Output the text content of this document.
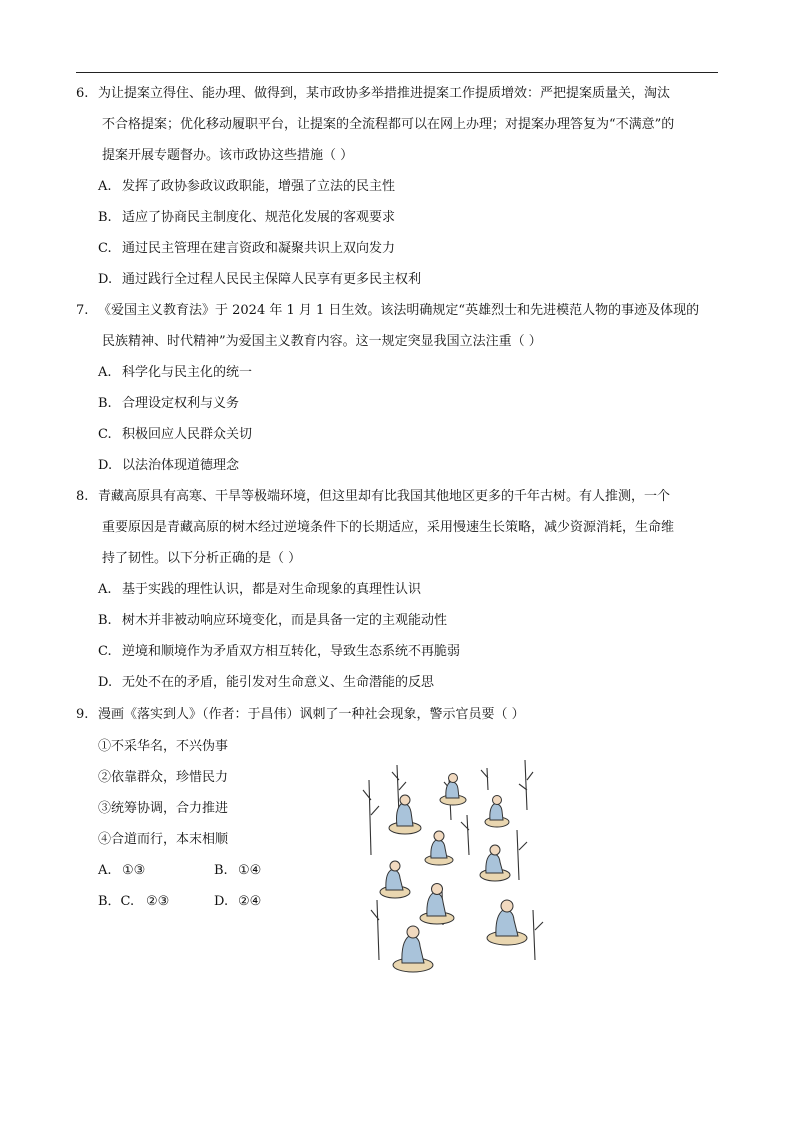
6. 为让提案立得住、能办理、做得到，某市政协多举措推进提案工作提质增效：严把提案质量关，淘汰
不合格提案；优化移动履职平台，让提案的全流程都可以在网上办理；对提案办理答复为“不满意”的
提案开展专题督办。该市政协这些措施（ ）
A. 发挥了政协参政议政职能，增强了立法的民主性
B. 适应了协商民主制度化、规范化发展的客观要求
C. 通过民主管理在建言资政和凝聚共识上双向发力
D. 通过践行全过程人民民主保障人民享有更多民主权利
7. 《爱国主义教育法》于 2024 年 1 月 1 日生效。该法明确规定“英雄烈士和先进模范人物的事迹及体现的
民族精神、时代精神”为爱国主义教育内容。这一规定突显我国立法注重（ ）
A. 科学化与民主化的统一
B. 合理设定权利与义务
C. 积极回应人民群众关切
D. 以法治体现道德理念
8. 青藏高原具有高寒、干旱等极端环境，但这里却有比我国其他地区更多的千年古树。有人推测，一个
重要原因是青藏高原的树木经过逆境条件下的长期适应，采用慢速生长策略，减少资源消耗，生命维
持了韧性。以下分析正确的是（ ）
A. 基于实践的理性认识，都是对生命现象的真理性认识
B. 树木并非被动响应环境变化，而是具备一定的主观能动性
C. 逆境和顺境作为矛盾双方相互转化，导致生态系统不再脆弱
D. 无处不在的矛盾，能引发对生命意义、生命潜能的反思
9. 漫画《落实到人》（作者：于昌伟）讽刺了一种社会现象，警示官员要（ ）
①不采华名，不兴伪事
②依靠群众，珍惜民力
③统筹协调，合力推进
④合道而行，本末相顺
A. ①③	B. ①④
B．C. ②③	D. ②④
